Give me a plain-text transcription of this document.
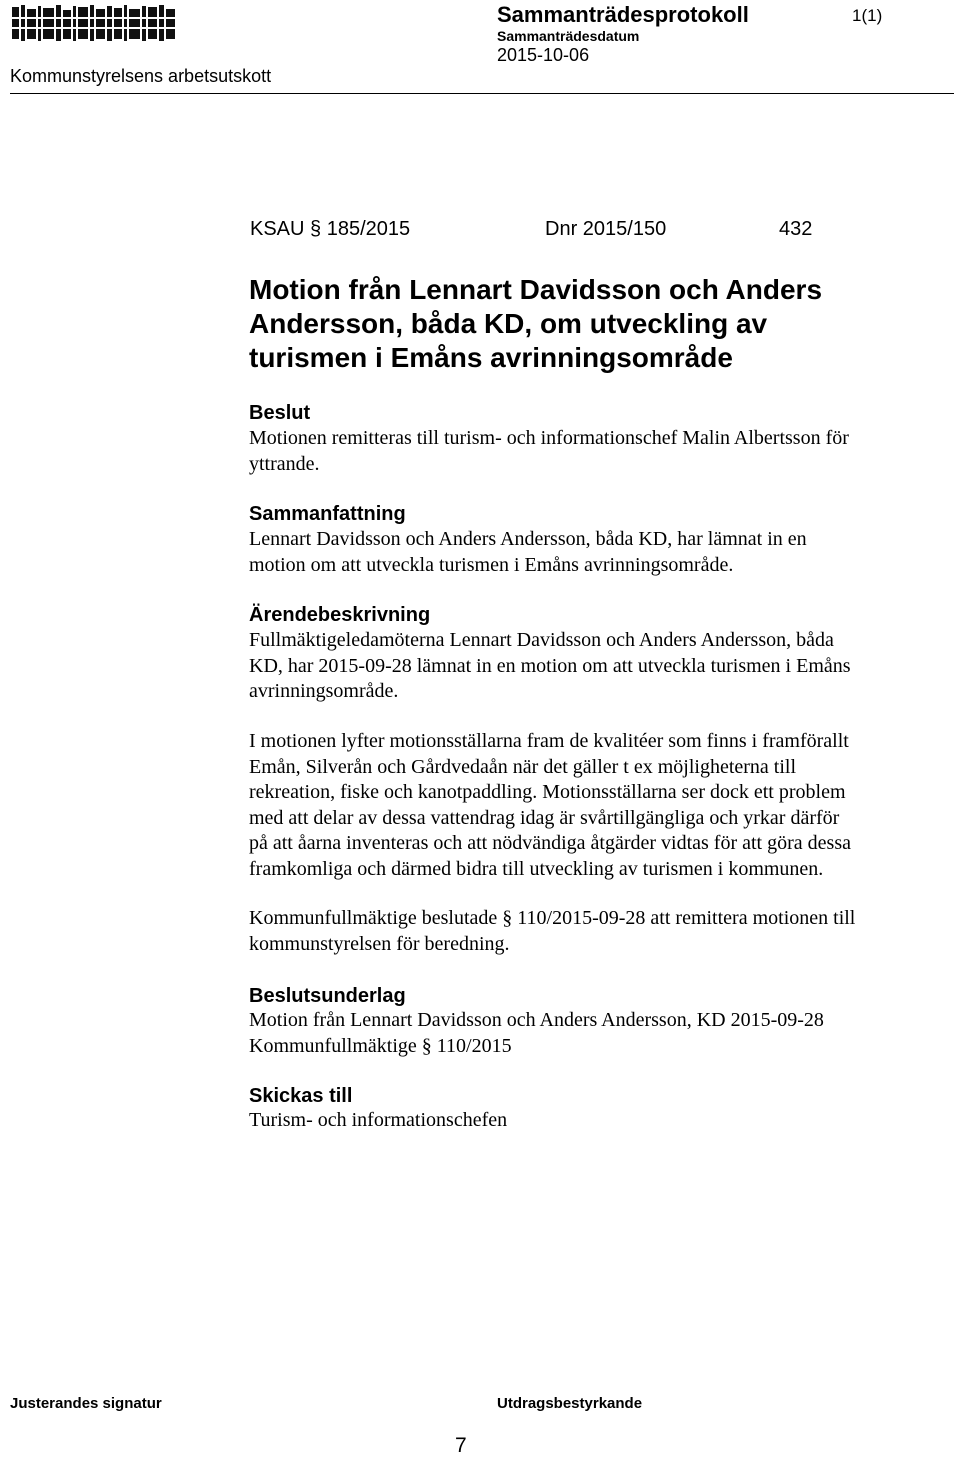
Sammanträdesprotokoll	1(1)
Sammanträdesdatum
2015-10-06
Kommunstyrelsens arbetsutskott
KSAU § 185/2015	Dnr 2015/150	432
Motion från Lennart Davidsson och Anders
Andersson, båda KD, om utveckling av
turismen i Emåns avrinningsområde
Beslut
Motionen remitteras till turism- och informationschef Malin Albertsson för
yttrande.
Sammanfattning
Lennart Davidsson och Anders Andersson, båda KD, har lämnat in en
motion om att utveckla turismen i Emåns avrinningsområde.
Ärendebeskrivning
Fullmäktigeledamöterna Lennart Davidsson och Anders Andersson, båda
KD, har 2015-09-28 lämnat in en motion om att utveckla turismen i Emåns
avrinningsområde.
I motionen lyfter motionsställarna fram de kvalitéer som finns i framförallt
Emån, Silverån och Gårdvedaån när det gäller t ex möjligheterna till
rekreation, fiske och kanotpaddling. Motionsställarna ser dock ett problem
med att delar av dessa vattendrag idag är svårtillgängliga och yrkar därför
på att åarna inventeras och att nödvändiga åtgärder vidtas för att göra dessa
framkomliga och därmed bidra till utveckling av turismen i kommunen.
Kommunfullmäktige beslutade § 110/2015-09-28 att remittera motionen till
kommunstyrelsen för beredning.
Beslutsunderlag
Motion från Lennart Davidsson och Anders Andersson, KD 2015-09-28
Kommunfullmäktige § 110/2015
Skickas till
Turism- och informationschefen
Justerandes signatur	Utdragsbestyrkande
7
